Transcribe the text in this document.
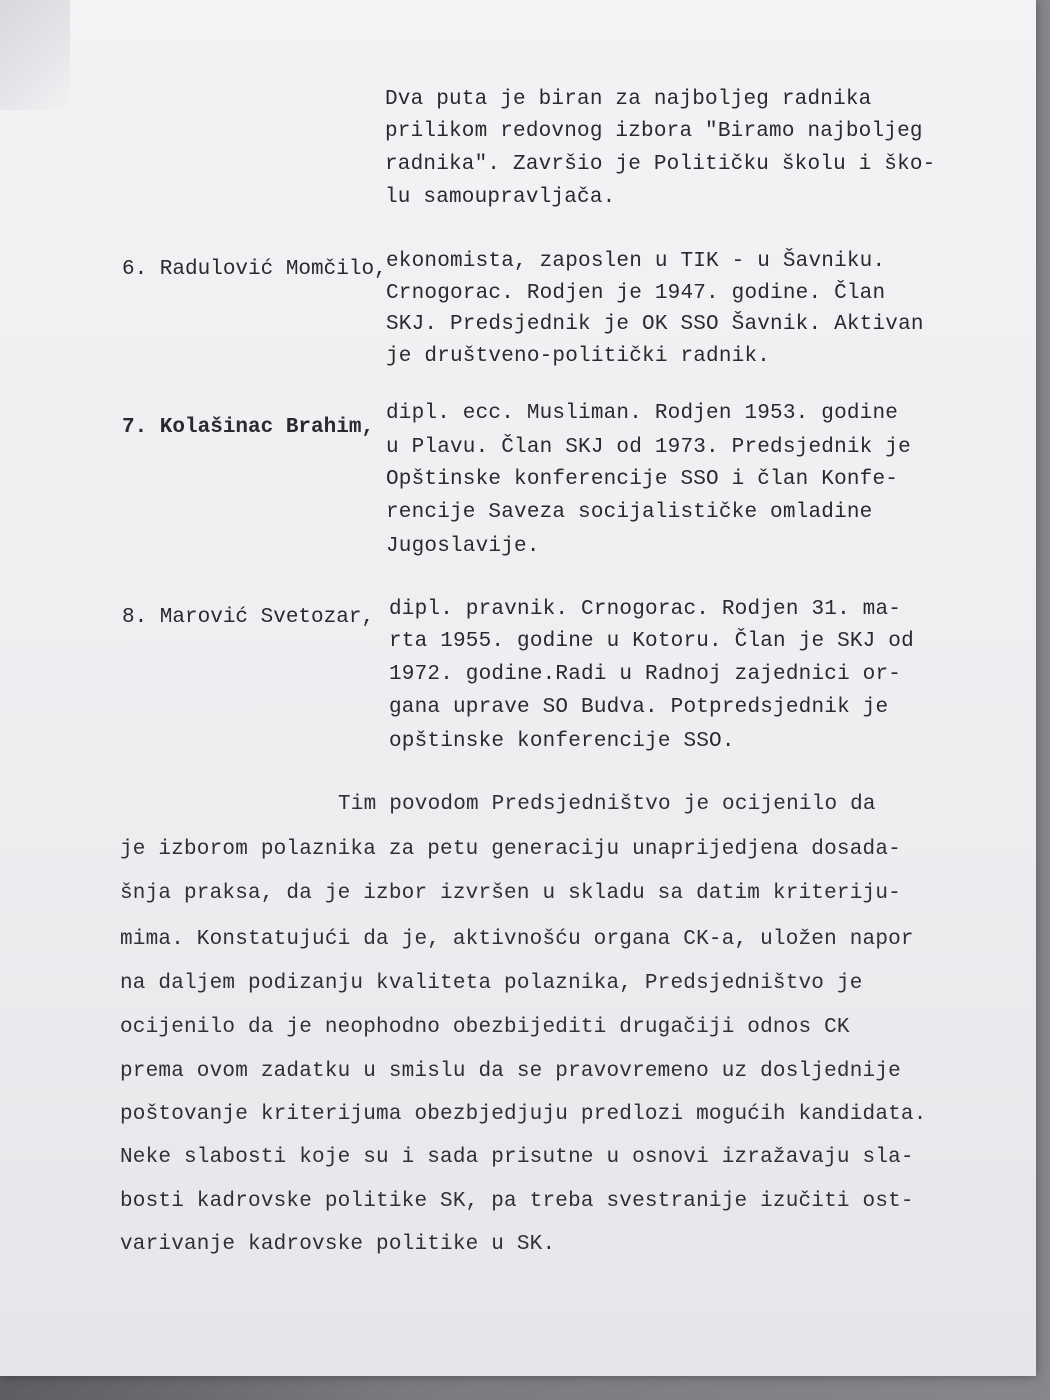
Dva puta je biran za najboljeg radnika

prilikom redovnog izbora "Biramo najboljeg

radnika". Završio je Političku školu i ško-

lu samoupravljača.

6. Radulović Momčilo, ekonomista, zaposlen u TIK - u Šavniku.

Crnogorac. Rodjen je 1947. godine. Član

SKJ. Predsjednik je OK SSO Šavnik. Aktivan

je društveno-politički radnik.

7. Kolašinac Brahim,

dipl. ecc. Musliman. Rodjen 1953. godine

u Plavu. Član SKJ od 1973. Predsjednik je

Opštinske konferencije SSO i član Konfe-

rencije Saveza socijalističke omladine

Jugoslavije.

8. Marović Svetozar, dipl. pravnik. Crnogorac. Rodjen 31. ma-

rta 1955. godine u Kotoru. Član je SKJ od

1972. godine.Radi u Radnoj zajednici or-

gana uprave SO Budva. Potpredsjednik je

opštinske konferencije SSO.

Tim povodom Predsjedništvo je ocijenilo da

je izborom polaznika za petu generaciju unaprijedjena dosada-

šnja praksa, da je izbor izvršen u skladu sa datim kriteriju-

mima. Konstatujući da je, aktivnošću organa CK-a, uložen napor

na daljem podizanju kvaliteta polaznika, Predsjedništvo je

ocijenilo da je neophodno obezbijediti drugačiji odnos CK

prema ovom zadatku u smislu da se pravovremeno uz dosljednije

poštovanje kriterijuma obezbjedjuju predlozi mogućih kandidata.

Neke slabosti koje su i sada prisutne u osnovi izražavaju sla-

bosti kadrovske politike SK, pa treba svestranije izučiti ost-

varivanje kadrovske politike u SK.
